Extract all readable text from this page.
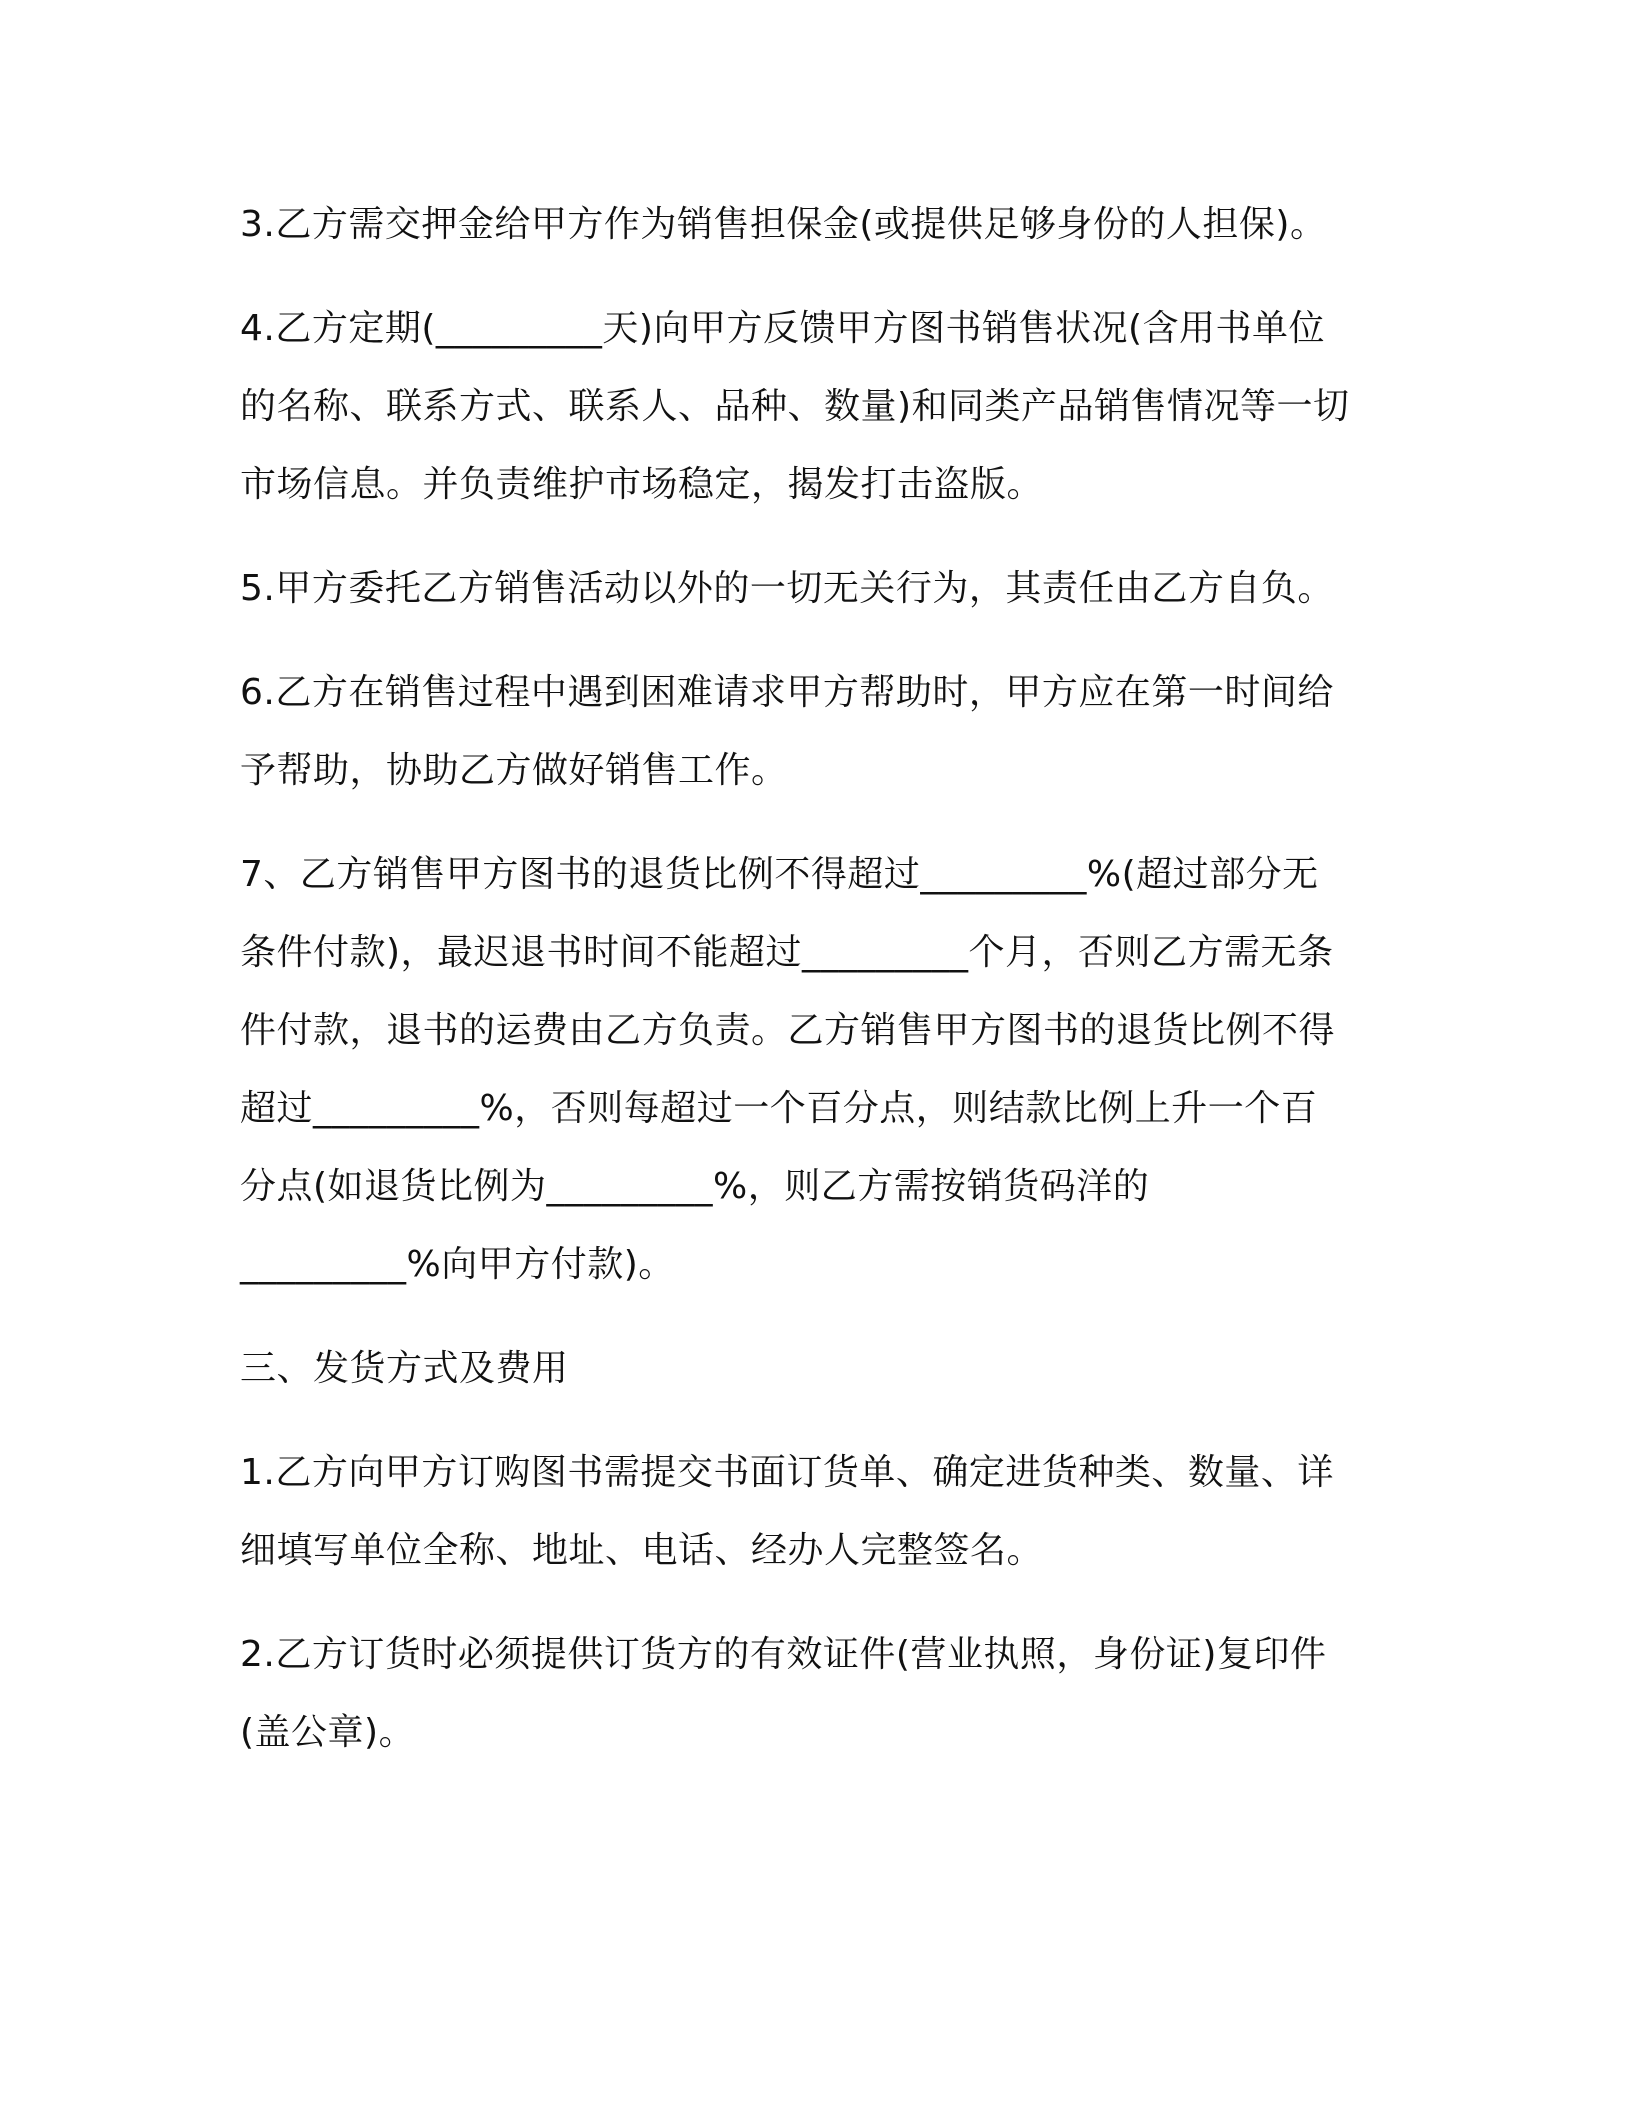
3.乙方需交押金给甲方作为销售担保金(或提供足够身份的人担保)。

4.乙方定期(_________天)向甲方反馈甲方图书销售状况(含用书单位
的名称、联系方式、联系人、品种、数量)和同类产品销售情况等一切
市场信息。并负责维护市场稳定，揭发打击盗版。

5.甲方委托乙方销售活动以外的一切无关行为，其责任由乙方自负。

6.乙方在销售过程中遇到困难请求甲方帮助时，甲方应在第一时间给
予帮助，协助乙方做好销售工作。

7、乙方销售甲方图书的退货比例不得超过_________%(超过部分无
条件付款)，最迟退书时间不能超过_________个月，否则乙方需无条
件付款，退书的运费由乙方负责。乙方销售甲方图书的退货比例不得
超过_________%，否则每超过一个百分点，则结款比例上升一个百
分点(如退货比例为_________%，则乙方需按销货码洋的
_________%向甲方付款)。

三、发货方式及费用

1.乙方向甲方订购图书需提交书面订货单、确定进货种类、数量、详
细填写单位全称、地址、电话、经办人完整签名。

2.乙方订货时必须提供订货方的有效证件(营业执照，身份证)复印件
(盖公章)。
